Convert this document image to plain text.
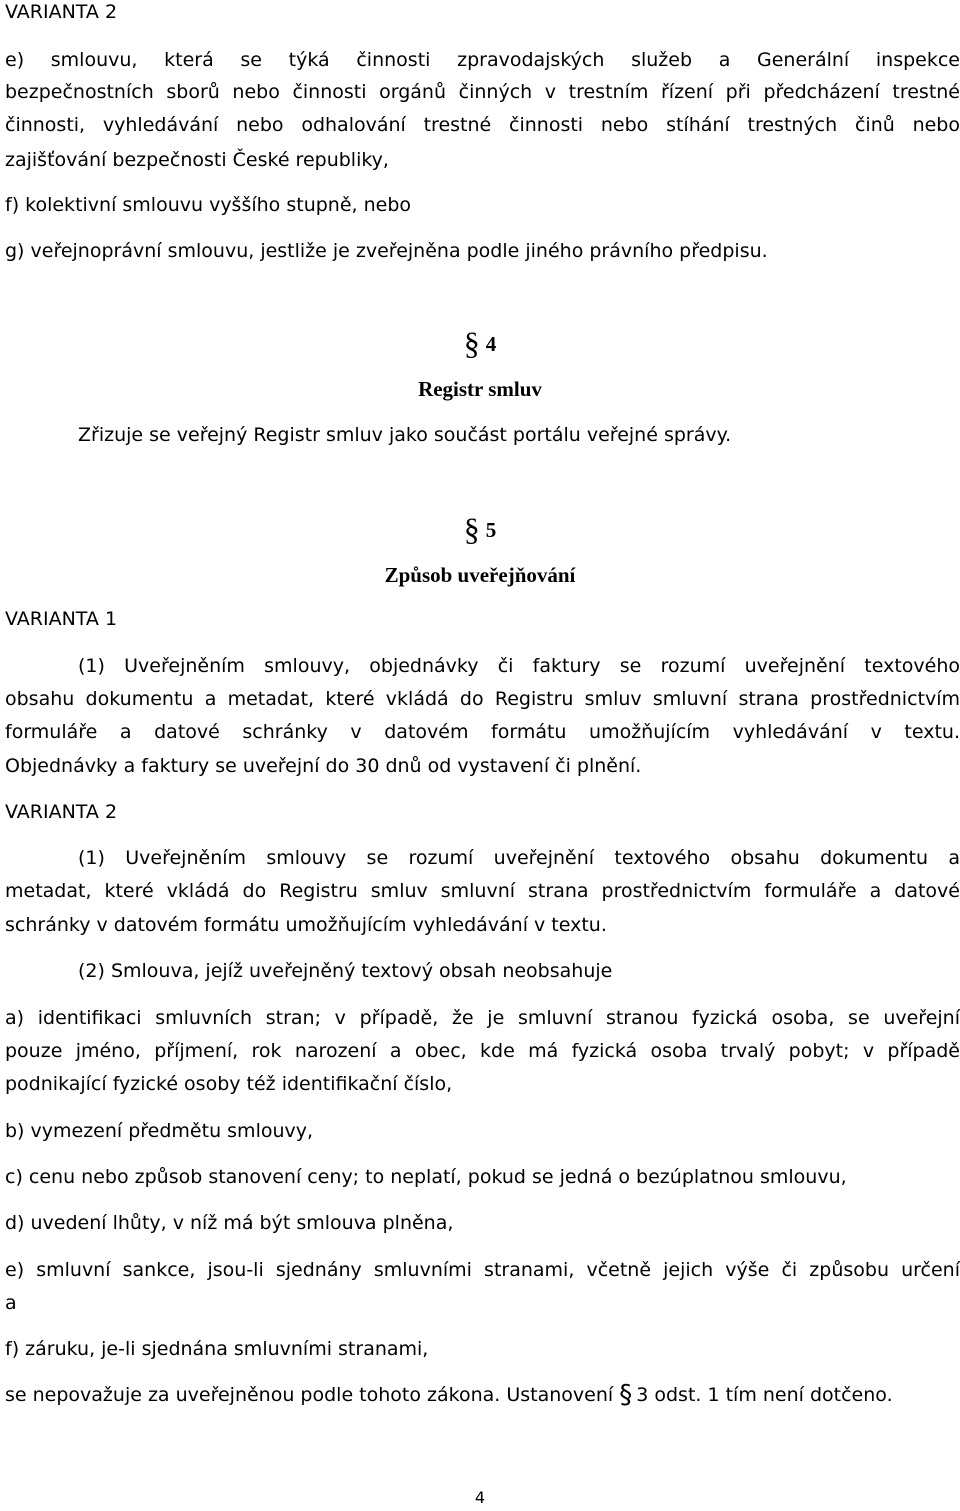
VARIANTA 2
e) smlouvu, která se týká činnosti zpravodajských služeb a Generální inspekce
bezpečnostních sborů nebo činnosti orgánů činných v trestním řízení při předcházení trestné
činnosti, vyhledávání nebo odhalování trestné činnosti nebo stíhání trestných činů nebo
zajišťování bezpečnosti České republiky,
f) kolektivní smlouvu vyššího stupně, nebo
g) veřejnoprávní smlouvu, jestliže je zveřejněna podle jiného právního předpisu.
§ 4
Registr smluv
Zřizuje se veřejný Registr smluv jako součást portálu veřejné správy.
§ 5
Způsob uveřejňování
VARIANTA 1
(1) Uveřejněním smlouvy, objednávky či faktury se rozumí uveřejnění textového
obsahu dokumentu a metadat, které vkládá do Registru smluv smluvní strana prostřednictvím
formuláře a datové schránky v datovém formátu umožňujícím vyhledávání v textu.
Objednávky a faktury se uveřejní do 30 dnů od vystavení či plnění.
VARIANTA 2
(1) Uveřejněním smlouvy se rozumí uveřejnění textového obsahu dokumentu a
metadat, které vkládá do Registru smluv smluvní strana prostřednictvím formuláře a datové
schránky v datovém formátu umožňujícím vyhledávání v textu.
(2) Smlouva, jejíž uveřejněný textový obsah neobsahuje
a) identifikaci smluvních stran; v případě, že je smluvní stranou fyzická osoba, se uveřejní
pouze jméno, příjmení, rok narození a obec, kde má fyzická osoba trvalý pobyt; v případě
podnikající fyzické osoby též identifikační číslo,
b) vymezení předmětu smlouvy,
c) cenu nebo způsob stanovení ceny; to neplatí, pokud se jedná o bezúplatnou smlouvu,
d) uvedení lhůty, v níž má být smlouva plněna,
e) smluvní sankce, jsou-li sjednány smluvními stranami, včetně jejich výše či způsobu určení
a
f) záruku, je-li sjednána smluvními stranami,
se nepovažuje za uveřejněnou podle tohoto zákona. Ustanovení § 3 odst. 1 tím není dotčeno.
4
